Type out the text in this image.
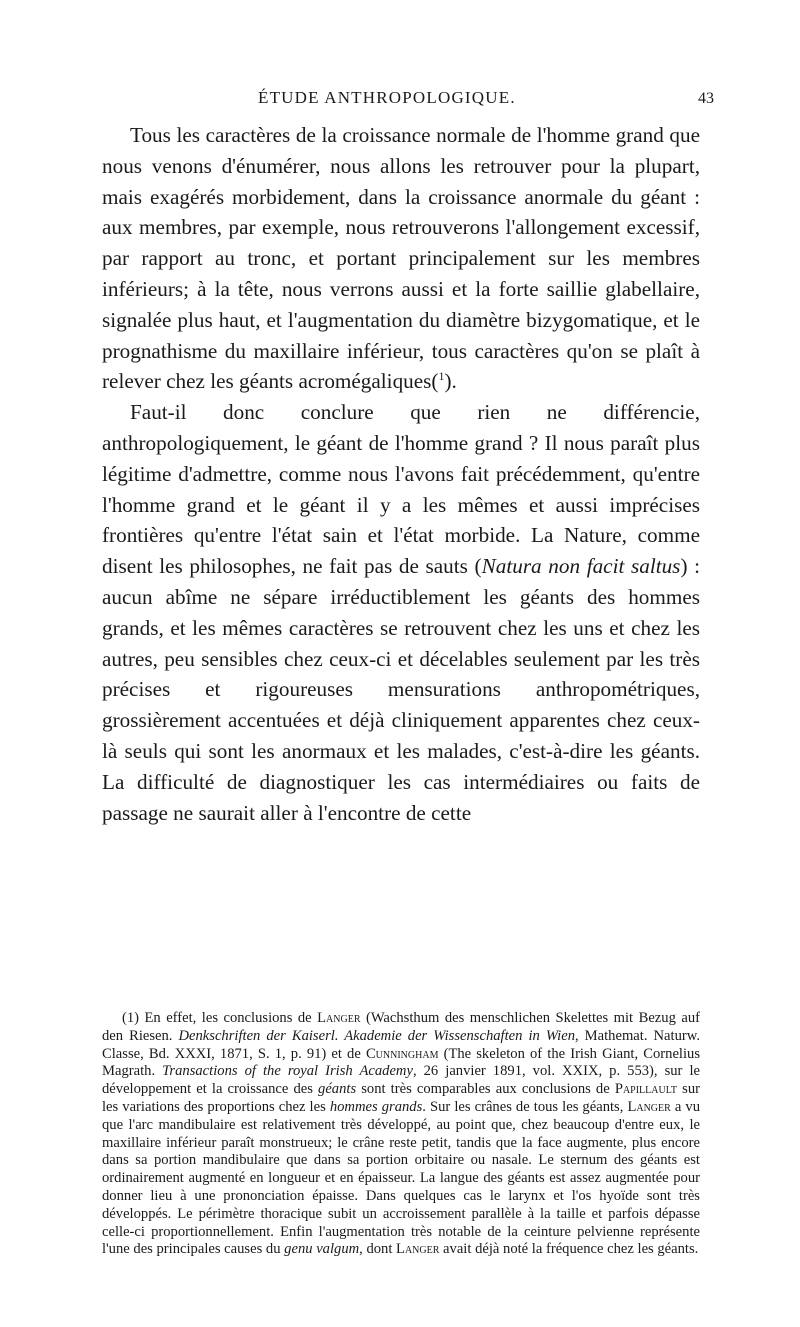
ÉTUDE ANTHROPOLOGIQUE.	43

Tous les caractères de la croissance normale de l'homme grand que nous venons d'énumérer, nous allons les retrouver pour la plupart, mais exagérés morbidement, dans la croissance anormale du géant : aux membres, par exemple, nous retrouverons l'allongement excessif, par rapport au tronc, et portant principalement sur les membres inférieurs; à la tête, nous verrons aussi et la forte saillie glabellaire, signalée plus haut, et l'augmentation du diamètre bizygomatique, et le prognathisme du maxillaire inférieur, tous caractères qu'on se plaît à relever chez les géants acromégaliques($^1$).

Faut-il donc conclure que rien ne différencie, anthropologiquement, le géant de l'homme grand ? Il nous paraît plus légitime d'admettre, comme nous l'avons fait précédemment, qu'entre l'homme grand et le géant il y a les mêmes et aussi imprécises frontières qu'entre l'état sain et l'état morbide. La Nature, comme disent les philosophes, ne fait pas de sauts (Natura non facit saltus) : aucun abîme ne sépare irréductiblement les géants des hommes grands, et les mêmes caractères se retrouvent chez les uns et chez les autres, peu sensibles chez ceux-ci et décelables seulement par les très précises et rigoureuses mensurations anthropométriques, grossièrement accentuées et déjà cliniquement apparentes chez ceux-là seuls qui sont les anormaux et les malades, c'est-à-dire les géants. La difficulté de diagnostiquer les cas intermédiaires ou faits de passage ne saurait aller à l'encontre de cette

(1) En effet, les conclusions de Langer (Wachsthum des menschlichen Skelettes mit Bezug auf den Riesen. Denkschriften der Kaiserl. Akademie der Wissenschaften in Wien, Mathemat. Naturw. Classe, Bd. XXXI, 1871, S. 1, p. 91) et de Cunningham (The skeleton of the Irish Giant, Cornelius Magrath. Transactions of the royal Irish Academy, 26 janvier 1891, vol. XXIX, p. 553), sur le développement et la croissance des géants sont très comparables aux conclusions de Papillault sur les variations des proportions chez les hommes grands. Sur les crânes de tous les géants, Langer a vu que l'arc mandibulaire est relativement très développé, au point que, chez beaucoup d'entre eux, le maxillaire inférieur paraît monstrueux; le crâne reste petit, tandis que la face augmente, plus encore dans sa portion mandibulaire que dans sa portion orbitaire ou nasale. Le sternum des géants est ordinairement augmenté en longueur et en épaisseur. La langue des géants est assez augmentée pour donner lieu à une prononciation épaisse. Dans quelques cas le larynx et l'os hyoïde sont très développés. Le périmètre thoracique subit un accroissement parallèle à la taille et parfois dépasse celle-ci proportionnellement. Enfin l'augmentation très notable de la ceinture pelvienne représente l'une des principales causes du genu valgum, dont Langer avait déjà noté la fréquence chez les géants.
